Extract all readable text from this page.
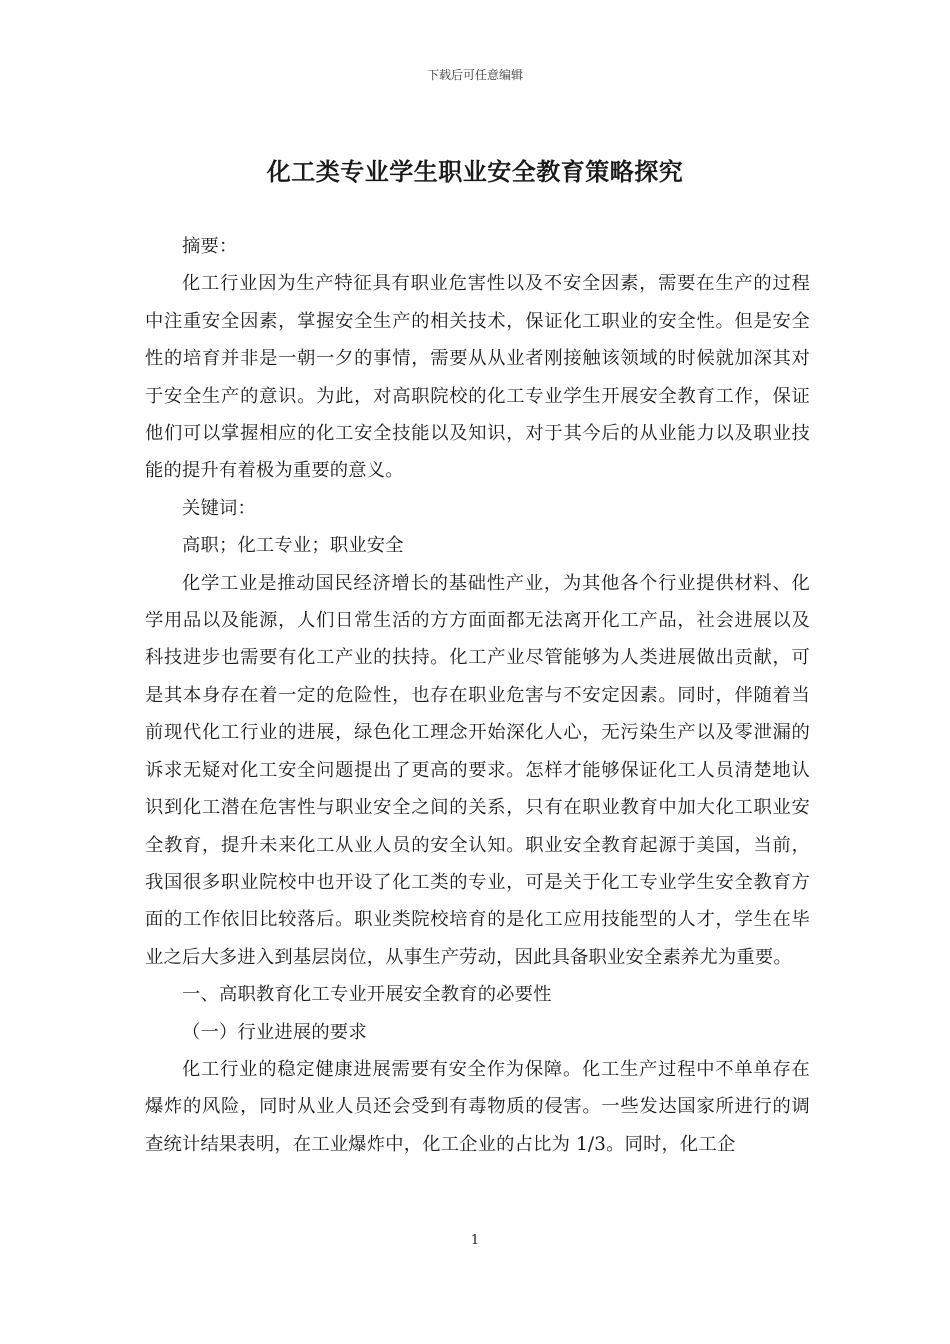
下载后可任意编辑
化工类专业学生职业安全教育策略探究

摘要：

化工行业因为生产特征具有职业危害性以及不安全因素，需要在生产的过程中注重安全因素，掌握安全生产的相关技术，保证化工职业的安全性。但是安全性的培育并非是一朝一夕的事情，需要从从业者刚接触该领域的时候就加深其对于安全生产的意识。为此，对高职院校的化工专业学生开展安全教育工作，保证他们可以掌握相应的化工安全技能以及知识，对于其今后的从业能力以及职业技能的提升有着极为重要的意义。

关键词：

高职；化工专业；职业安全

化学工业是推动国民经济增长的基础性产业，为其他各个行业提供材料、化学用品以及能源，人们日常生活的方方面面都无法离开化工产品，社会进展以及科技进步也需要有化工产业的扶持。化工产业尽管能够为人类进展做出贡献，可是其本身存在着一定的危险性，也存在职业危害与不安定因素。同时，伴随着当前现代化工行业的进展，绿色化工理念开始深化人心，无污染生产以及零泄漏的诉求无疑对化工安全问题提出了更高的要求。怎样才能够保证化工人员清楚地认识到化工潜在危害性与职业安全之间的关系，只有在职业教育中加大化工职业安全教育，提升未来化工从业人员的安全认知。职业安全教育起源于美国，当前，我国很多职业院校中也开设了化工类的专业，可是关于化工专业学生安全教育方面的工作依旧比较落后。职业类院校培育的是化工应用技能型的人才，学生在毕业之后大多进入到基层岗位，从事生产劳动，因此具备职业安全素养尤为重要。

一、高职教育化工专业开展安全教育的必要性

（一）行业进展的要求

化工行业的稳定健康进展需要有安全作为保障。化工生产过程中不单单存在爆炸的风险，同时从业人员还会受到有毒物质的侵害。一些发达国家所进行的调查统计结果表明，在工业爆炸中，化工企业的占比为 1/3。同时，化工企

1
